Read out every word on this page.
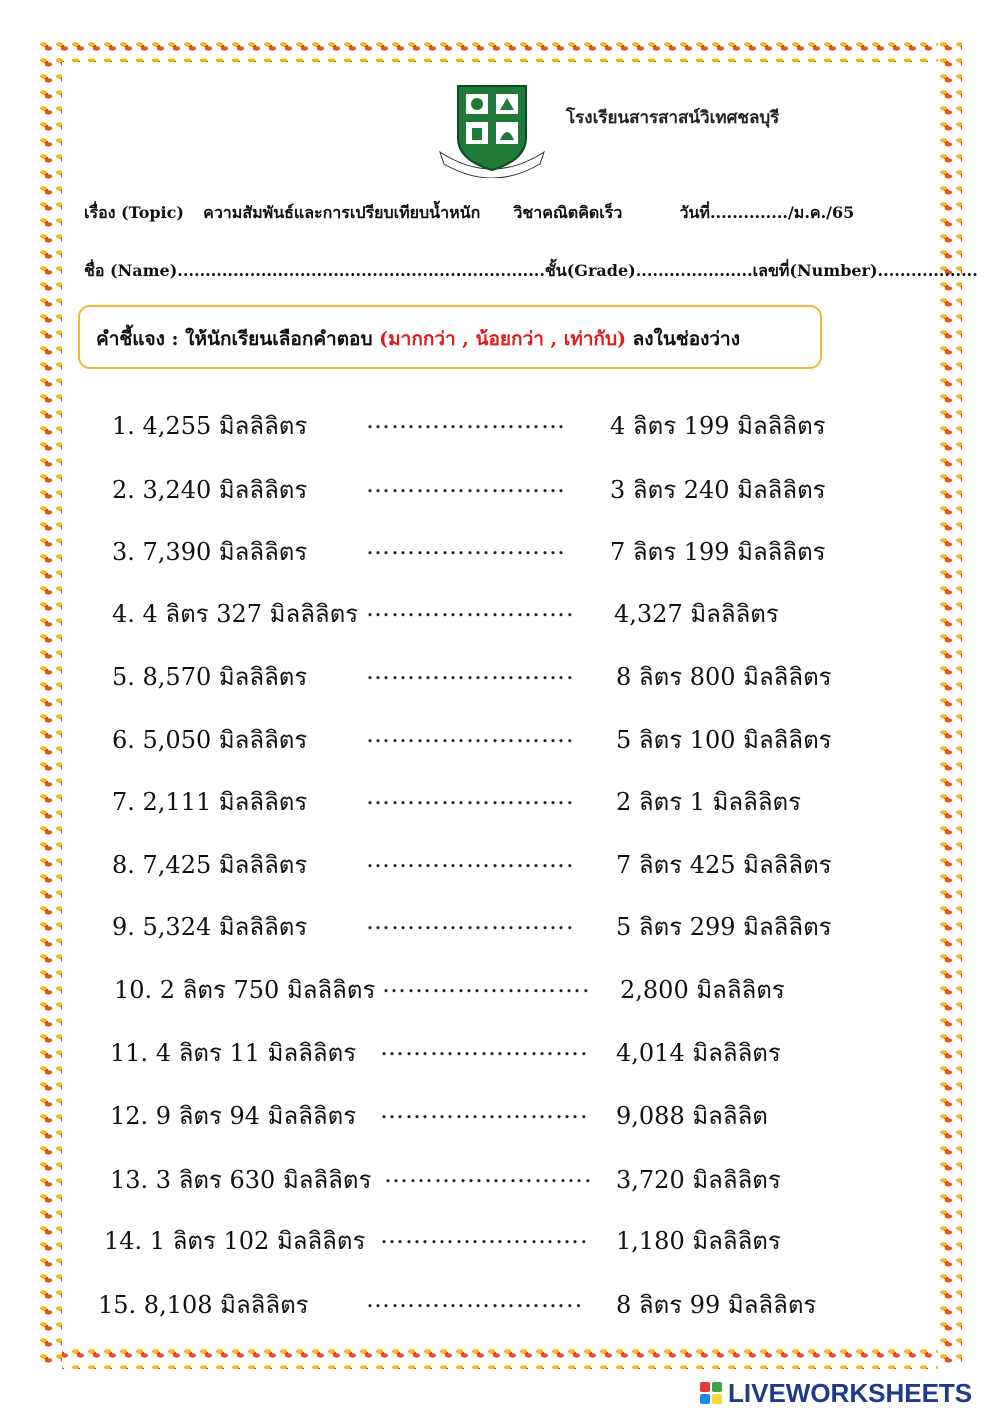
โรงเรียนสารสาสน์วิเทศชลบุรี
เรื่อง (Topic) ความสัมพันธ์และการเปรียบเทียบน้ำหนัก วิชาคณิตคิดเร็ว	วันที่............../ม.ค./65
ชื่อ (Name)..................................................................ชั้น(Grade).....................เลขที่(Number)..................
คำชี้แจง : ให้นักเรียนเลือกคำตอบ (มากกว่า , น้อยกว่า , เท่ากับ) ลงในช่องว่าง
1. 4,255 มิลลิลิตร …………………… 4 ลิตร 199 มิลลิลิตร
2. 3,240 มิลลิลิตร …………………… 3 ลิตร 240 มิลลิลิตร
3. 7,390 มิลลิลิตร …………………… 7 ลิตร 199 มิลลิลิตร
4. 4 ลิตร 327 มิลลิลิตร ……………………. 4,327 มิลลิลิตร
5. 8,570 มิลลิลิตร ……………………. 8 ลิตร 800 มิลลิลิตร
6. 5,050 มิลลิลิตร ……………………. 5 ลิตร 100 มิลลิลิตร
7. 2,111 มิลลิลิตร ……………………. 2 ลิตร 1 มิลลิลิตร
8. 7,425 มิลลิลิตร ……………………. 7 ลิตร 425 มิลลิลิตร
9. 5,324 มิลลิลิตร ……………………. 5 ลิตร 299 มิลลิลิตร
10. 2 ลิตร 750 มิลลิลิตร ……………………. 2,800 มิลลิลิตร
11. 4 ลิตร 11 มิลลิลิตร ……………………. 4,014 มิลลิลิตร
12. 9 ลิตร 94 มิลลิลิตร ……………………. 9,088 มิลลิลิต
13. 3 ลิตร 630 มิลลิลิตร ……………………. 3,720 มิลลิลิตร
14. 1 ลิตร 102 มิลลิลิตร ……………………. 1,180 มิลลิลิตร
15. 8,108 มิลลิลิตร …………………….. 8 ลิตร 99 มิลลิลิตร
LIVEWORKSHEETS
